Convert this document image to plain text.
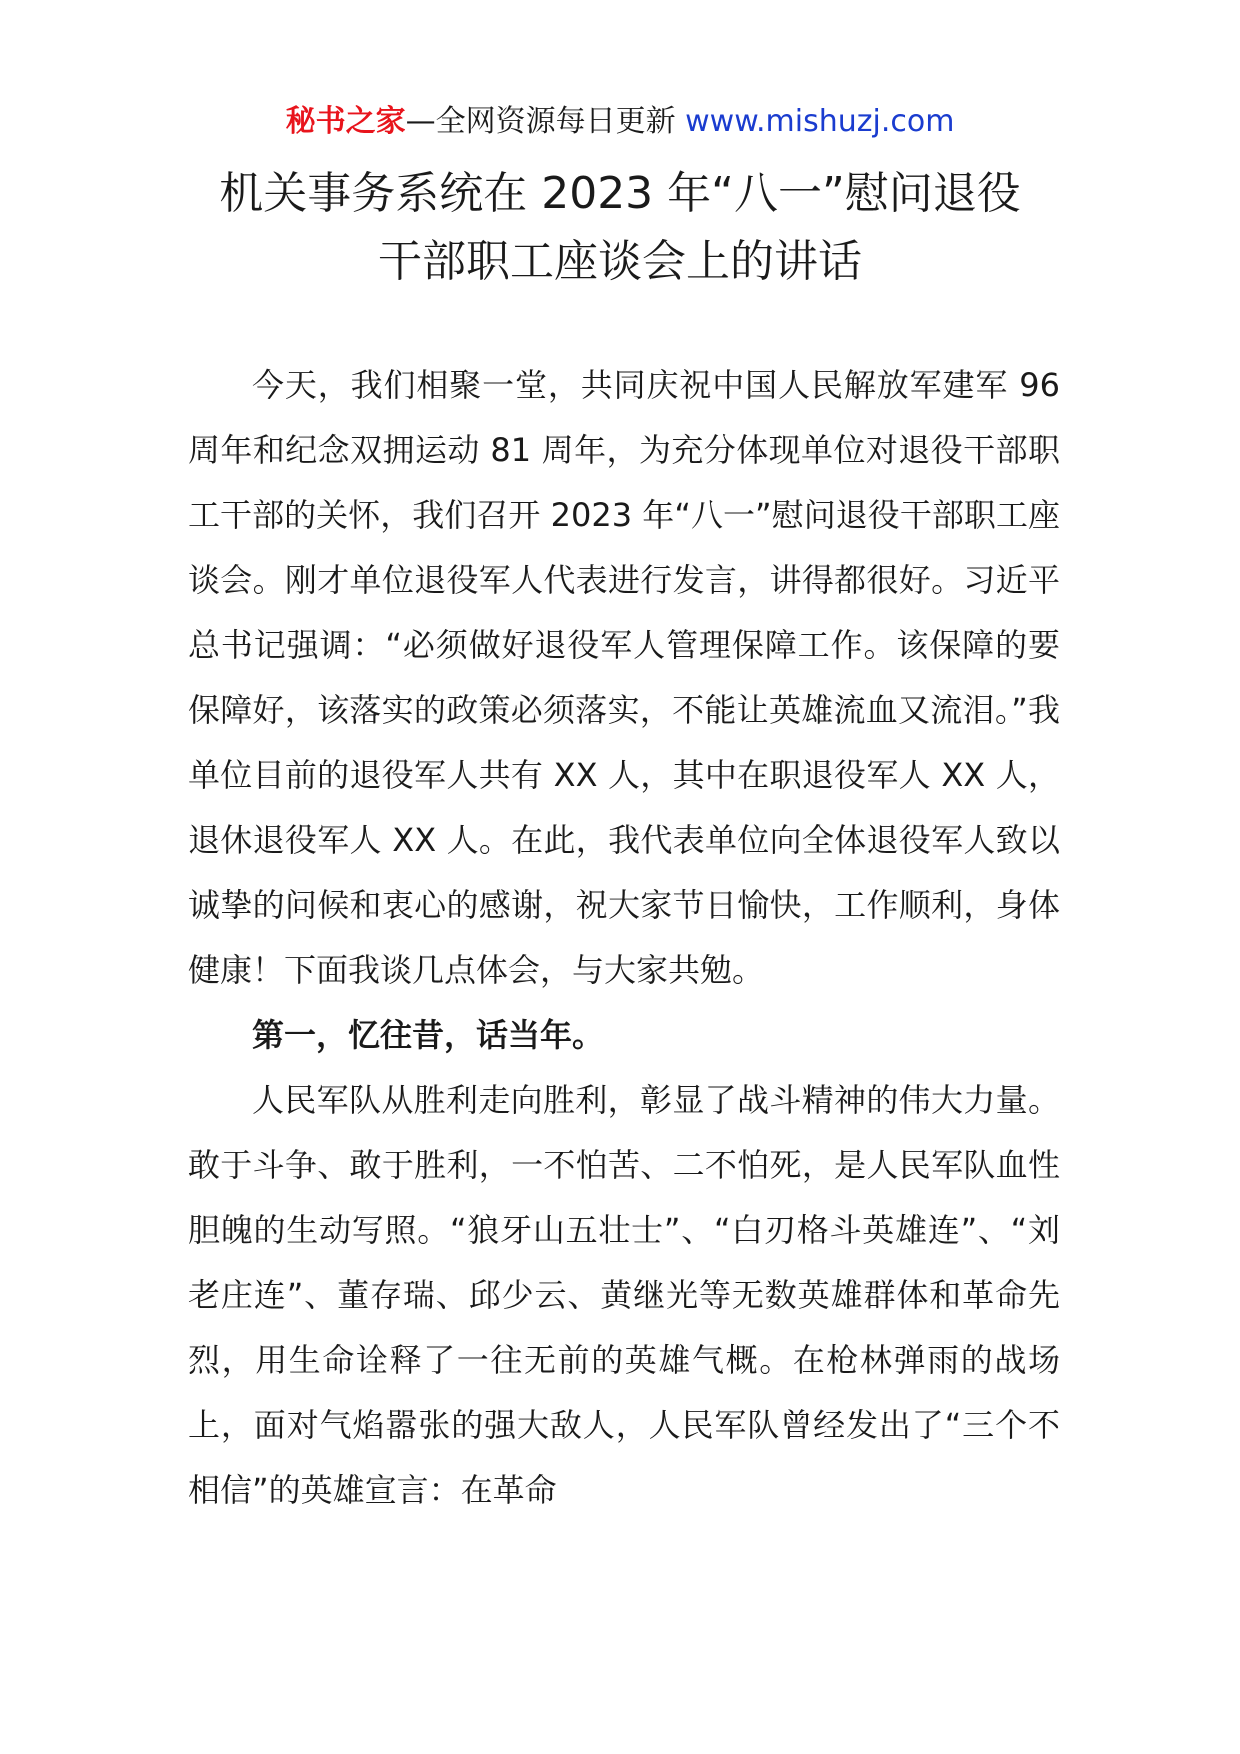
秘书之家—全网资源每日更新 www.mishuzj.com
机关事务系统在 2023 年“八一”慰问退役
干部职工座谈会上的讲话

今天，我们相聚一堂，共同庆祝中国人民解放军建军 96 周年和纪念双拥运动 81 周年，为充分体现单位对退役干部职工干部的关怀，我们召开 2023 年“八一”慰问退役干部职工座谈会。刚才单位退役军人代表进行发言，讲得都很好。习近平总书记强调：“必须做好退役军人管理保障工作。该保障的要保障好，该落实的政策必须落实，不能让英雄流血又流泪。”我单位目前的退役军人共有 XX 人，其中在职退役军人 XX 人，退休退役军人 XX 人。在此，我代表单位向全体退役军人致以诚挚的问候和衷心的感谢，祝大家节日愉快，工作顺利，身体健康！下面我谈几点体会，与大家共勉。

第一，忆往昔，话当年。

人民军队从胜利走向胜利，彰显了战斗精神的伟大力量。敢于斗争、敢于胜利，一不怕苦、二不怕死，是人民军队血性胆魄的生动写照。“狼牙山五壮士”、“白刃格斗英雄连”、“刘老庄连”、董存瑞、邱少云、黄继光等无数英雄群体和革命先烈，用生命诠释了一往无前的英雄气概。在枪林弹雨的战场上，面对气焰嚣张的强大敌人，人民军队曾经发出了“三个不相信”的英雄宣言：在革命
